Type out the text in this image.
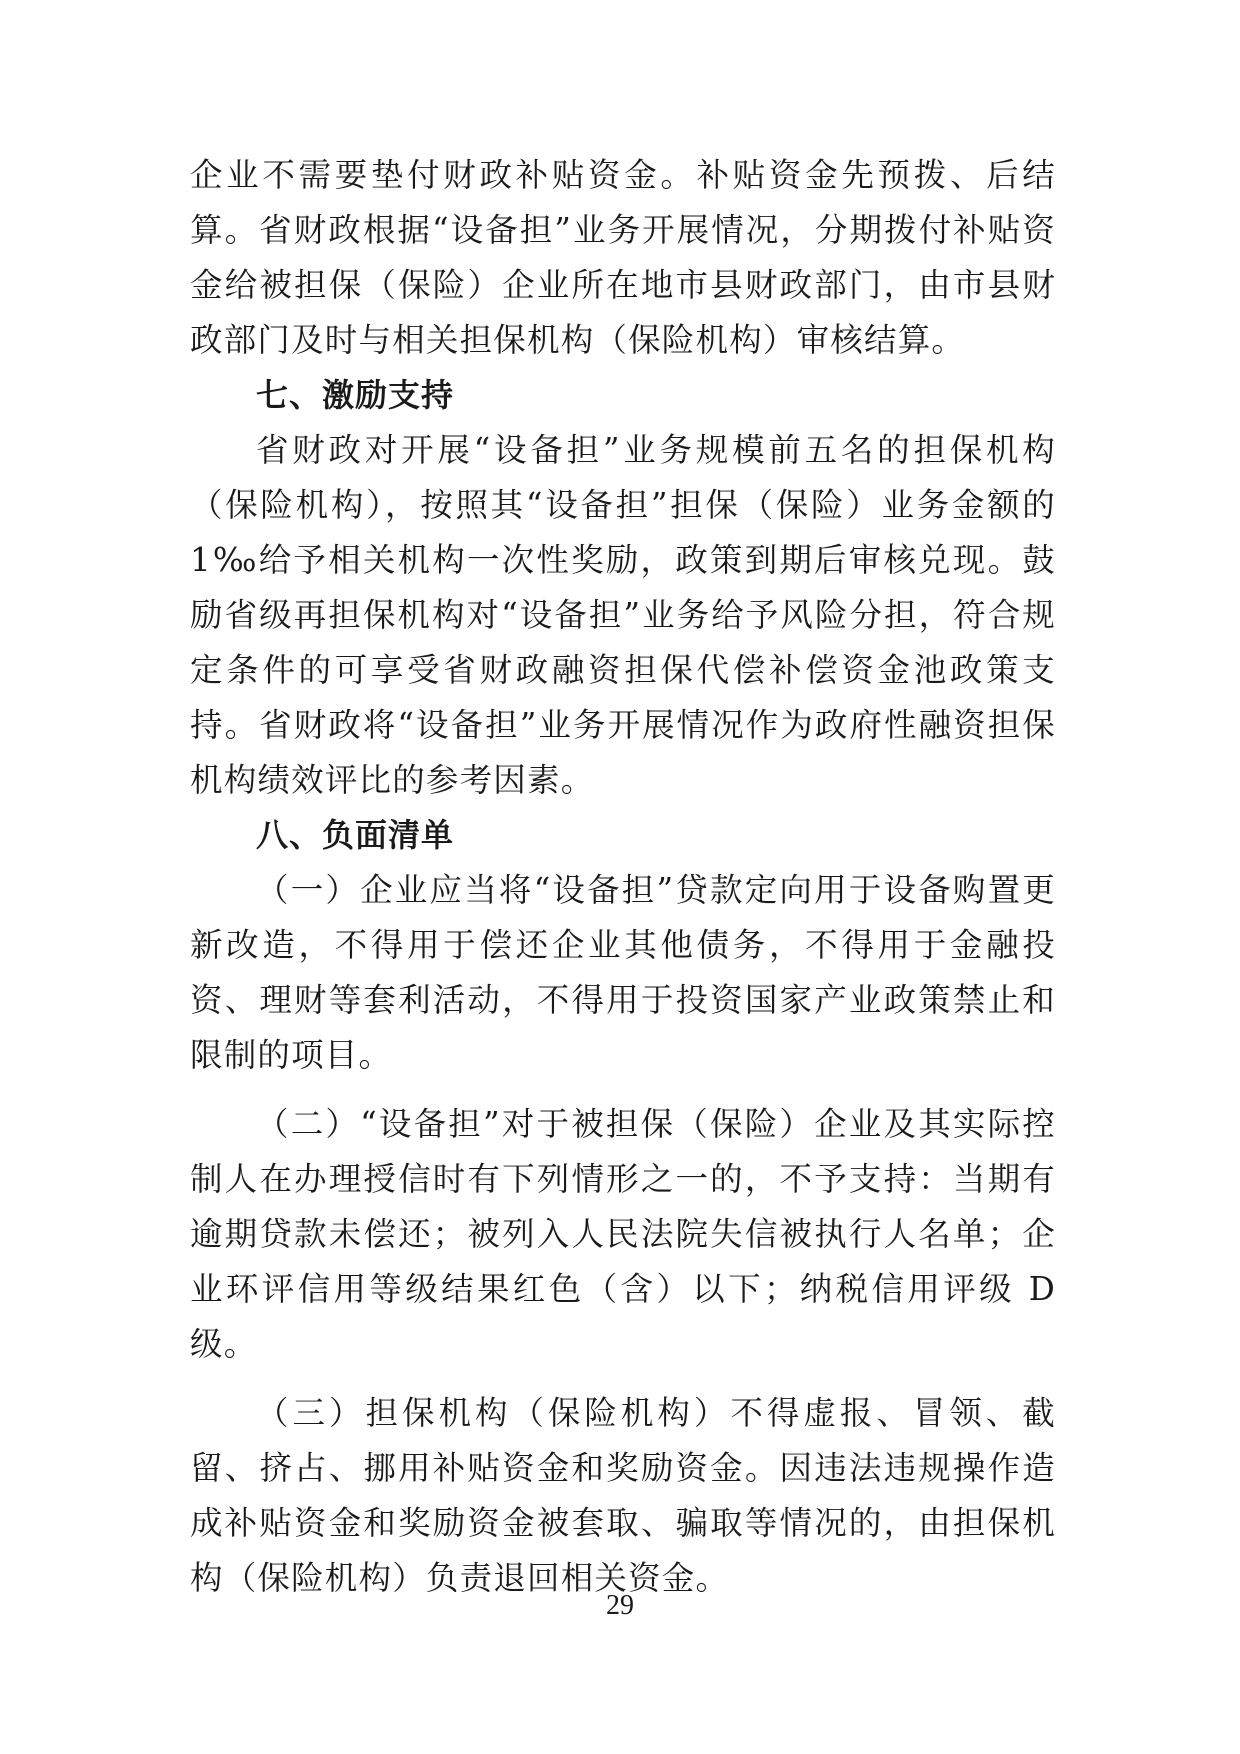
企业不需要垫付财政补贴资金。补贴资金先预拨、后结算。省财政根据“设备担”业务开展情况，分期拨付补贴资金给被担保（保险）企业所在地市县财政部门，由市县财政部门及时与相关担保机构（保险机构）审核结算。

七、激励支持

省财政对开展“设备担”业务规模前五名的担保机构（保险机构），按照其“设备担”担保（保险）业务金额的 1‰给予相关机构一次性奖励，政策到期后审核兑现。鼓励省级再担保机构对“设备担”业务给予风险分担，符合规定条件的可享受省财政融资担保代偿补偿资金池政策支持。省财政将“设备担”业务开展情况作为政府性融资担保机构绩效评比的参考因素。

八、负面清单

（一）企业应当将“设备担”贷款定向用于设备购置更新改造，不得用于偿还企业其他债务，不得用于金融投资、理财等套利活动，不得用于投资国家产业政策禁止和限制的项目。

（二）“设备担”对于被担保（保险）企业及其实际控制人在办理授信时有下列情形之一的，不予支持：当期有逾期贷款未偿还；被列入人民法院失信被执行人名单；企业环评信用等级结果红色（含）以下；纳税信用评级 D 级。

（三）担保机构（保险机构）不得虚报、冒领、截留、挤占、挪用补贴资金和奖励资金。因违法违规操作造成补贴资金和奖励资金被套取、骗取等情况的，由担保机构（保险机构）负责退回相关资金。

29
